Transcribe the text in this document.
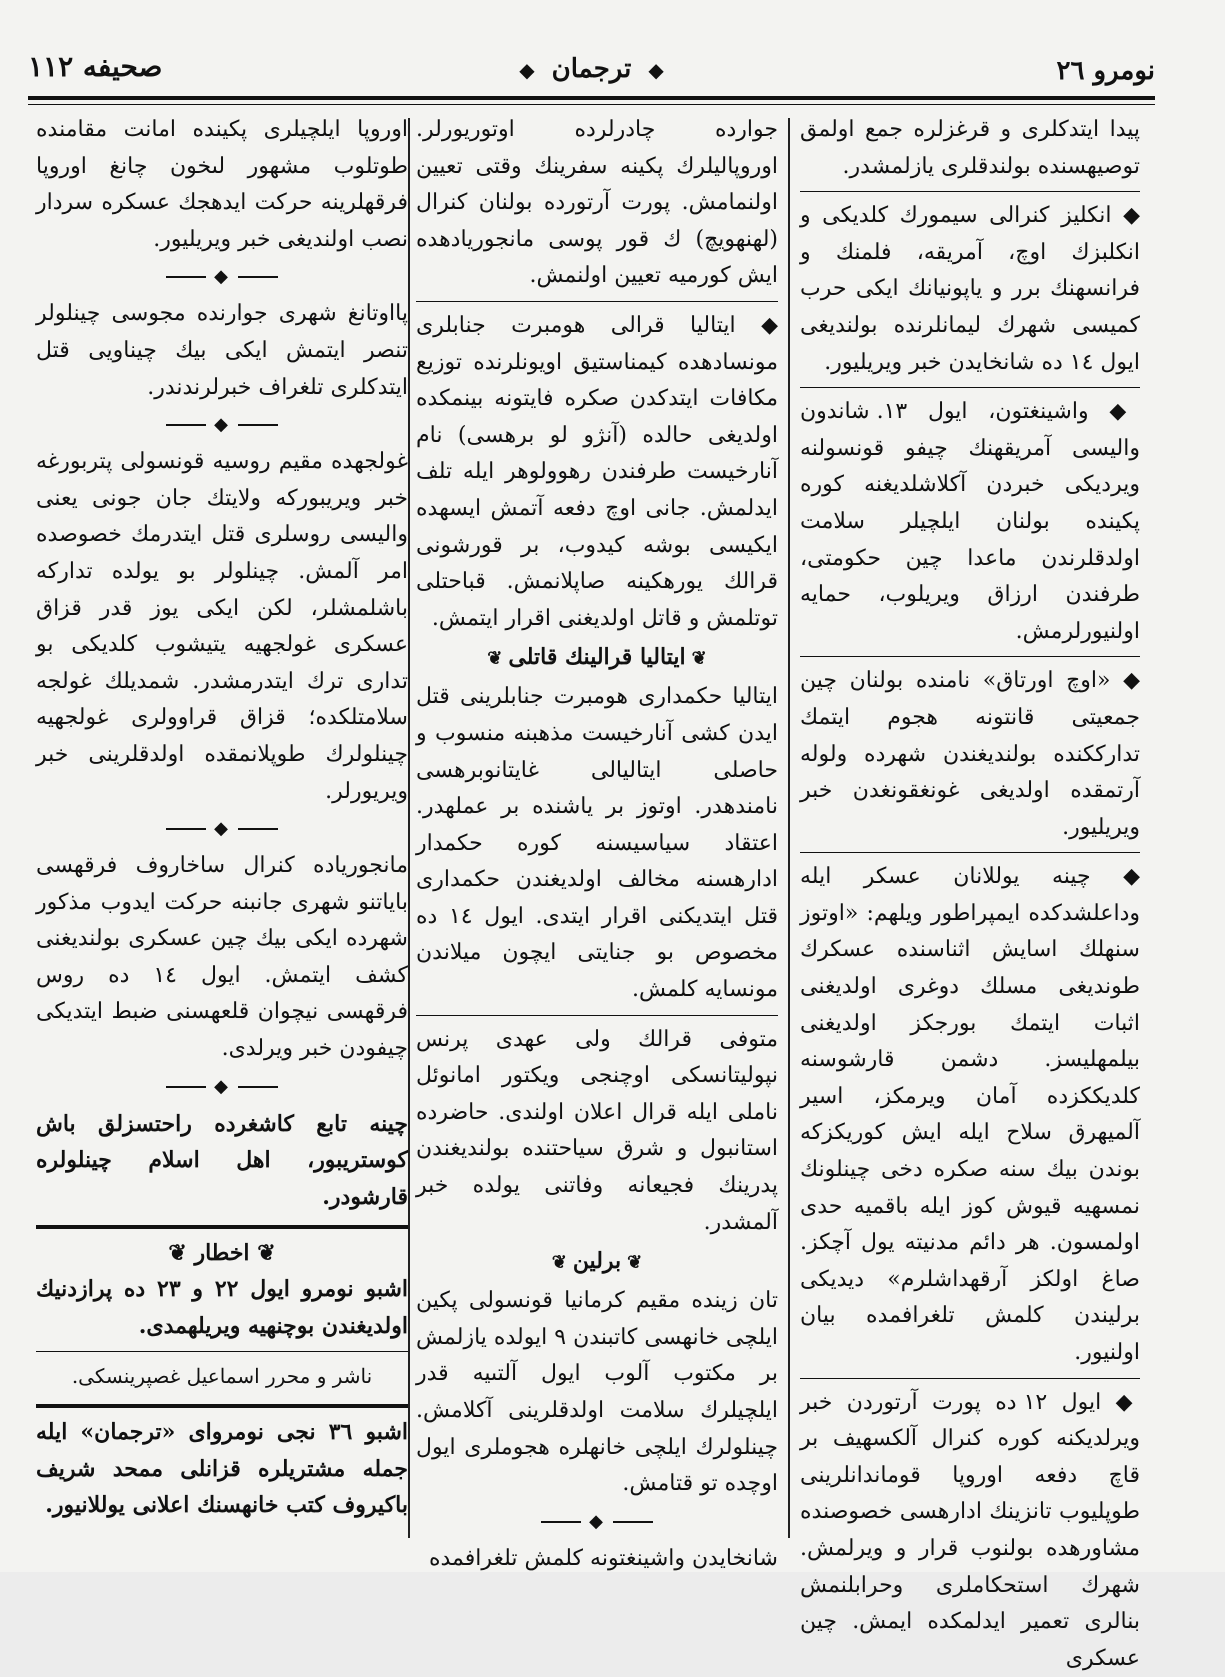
نومرو ٢٦
◆ ترجمان ◆
صحيفه ١١٢

پيدا ايتدكلرى و قرغزلره جمع اولمق توصيهسنده بولندقلرى يازلمشدر.

◆ انكليز كنرالى سيمورك كلديكى و انكلبزك اوچ، آمريقه، فلمنك و فرانسهنك برر و ياپونيانك ايكى حرب كميسى شهرك ليمانلرنده بولنديغى ايول ١٤ ده شانخايدن خبر ويريليور.

◆ واشينغتون، ايول ١٣. شاندون واليسى آمريقهنك چيفو قونسولنه ويرديكى خبردن آكلاشلديغنه كوره پكينده بولنان ايلچيلر سلامت اولدقلرندن ماعدا چين حكومتى، طرفندن ارزاق ويريلوب، حمايه اولنيورلرمش.

◆ «اوچ اورتاق» نامنده بولنان چين جمعيتى قانتونه هجوم ايتمك تدارككنده بولنديغندن شهرده ولوله آرتمقده اولديغى غونغقونغدن خبر ويريليور.

◆ چينه يوللانان عسكر ايله وداعلشدكده ايمپراطور ويلهم: «اوتوز سنهلك اسايش اثناسنده عسكرك طونديغى مسلك دوغرى اولديغنى اثبات ايتمك بورجكز اولديغنى بيلمهليسز. دشمن قارشوسنه كلديككزده آمان ويرمكز، اسير آلميهرق سلاح ايله ايش كوريكزكه بوندن بيك سنه صكره دخى چينلونك نمسهيه قيوش كوز ايله باقميه حدى اولمسون. هر دائم مدنيته يول آچكز. صاغ اولكز آرقهداشلرم» ديديكى برليندن كلمش تلغرافمده بيان اولنيور.

◆ ايول ١٢ ده پورت آرتوردن خبر ويرلديكنه كوره كنرال آلكسهيف بر قاچ دفعه اوروپا قوماندانلرينى طوپليوب تانزينك ادارهسى خصوصنده مشاورهده بولنوب قرار و ويرلمش. شهرك استحكاملرى وحرابلنمش بنالرى تعمير ايدلمكده ايمش. چين عسكرى

جوارده چادرلرده اوتوريورلر. اوروپاليلرك پكينه سفرينك وقتى تعيين اولنمامش. پورت آرتورده بولنان كنرال (لهنهويچ) ك قور پوسى مانجوريادهده ايش كورميه تعيين اولنمش.

◆ ايتاليا قرالى هومبرت جنابلرى مونسادهده كيمناستيق اويونلرنده توزيع مكافات ايتدكدن صكره فايتونه بينمكده اولديغى حالده (آنژو لو برهسى) نام آنارخيست طرفندن رهوولوهر ايله تلف ايدلمش. جانى اوچ دفعه آتمش ايسهده ايكيسى بوشه كيدوب، بر قورشونى قرالك يورهكينه صاپلانمش. قباحتلى توتلمش و قاتل اولديغنى اقرار ايتمش.

❦ايتاليا قرالينك قاتلى❦

ايتاليا حكمدارى هومبرت جنابلرينى قتل ايدن كشى آنارخيست مذهبنه منسوب و حاصلى ايتاليالى غايتانوبرهسى نامندهدر. اوتوز بر ياشنده بر عملهدر. اعتقاد سياسيسنه كوره حكمدار ادارهسنه مخالف اولديغندن حكمدارى قتل ايتديكنى اقرار ايتدى. ايول ١٤ ده مخصوص بو جنايتى ايچون ميلاندن مونسايه كلمش.

متوفى قرالك ولى عهدى پرنس نپوليتانسكى اوچنجى ويكتور امانوئل ناملى ايله قرال اعلان اولندى. حاضرده استانبول و شرق سياحتنده بولنديغندن پدرينك فجيعانه وفاتنى يولده خبر آلمشدر.

❦برلين❦

تان زينده مقيم كرمانيا قونسولى پكين ايلچى خانهسى كاتبندن ٩ ايولده يازلمش بر مكتوب آلوب ايول آلتىيه قدر ايلچيلرك سلامت اولدقلرينى آكلامش. چينلولرك ايلچى خانهلره هجوملرى ايول اوچده تو قتامش.

◆

شانخايدن واشينغتونه كلمش تلغرافمده

اوروپا ايلچيلرى پكينده امانت مقامنده طوتلوب مشهور لىخون چانغ اوروپا فرقهلرينه حركت ايدهجك عسكره سردار نصب اولنديغى خبر ويريليور.

◆

پااوتانغ شهرى جوارنده مجوسى چينلولر تنصر ايتمش ايكى بيك چيناويى قتل ايتدكلرى تلغراف خبرلرندندر.

◆

غولجهده مقيم روسيه قونسولى پتربورغه خبر ويريبوركه ولايتك جان جونى يعنى واليسى روسلرى قتل ايتدرمك خصوصده امر آلمش. چينلولر بو يولده تداركه باشلمشلر، لكن ايكى يوز قدر قزاق عسكرى غولجهيه يتيشوب كلديكى بو تدارى ترك ايتدرمشدر. شمديلك غولجه سلامتلكده؛ قزاق قراوولرى غولجهيه چينلولرك طوپلانمقده اولدقلرينى خبر ويريورلر.

◆

مانجورياده كنرال ساخاروف فرقهسى باياتنو شهرى جانبنه حركت ايدوب مذكور شهرده ايكى بيك چين عسكرى بولنديغنى كشف ايتمش. ايول ١٤ ده روس فرقهسى نيچوان قلعهسنى ضبط ايتديكى چيفودن خبر ويرلدى.

◆

چينه تابع كاشغرده راحتسزلق باش كوستريبور، اهل اسلام چينلولره قارشودر.

❦ اخطار ❦

اشبو نومرو ايول ٢٢ و ٢٣ ده پرازدنيك اولديغندن بوچنهيه ويريلهمدى.

ناشر و محرر اسماعيل غصپرينسكى.

اشبو ٣٦ نجى نومرواى «ترجمان» ايله جمله مشتريلره قزانلى ممحد شريف باكيروف كتب خانهسنك اعلانى يوللانيور.
